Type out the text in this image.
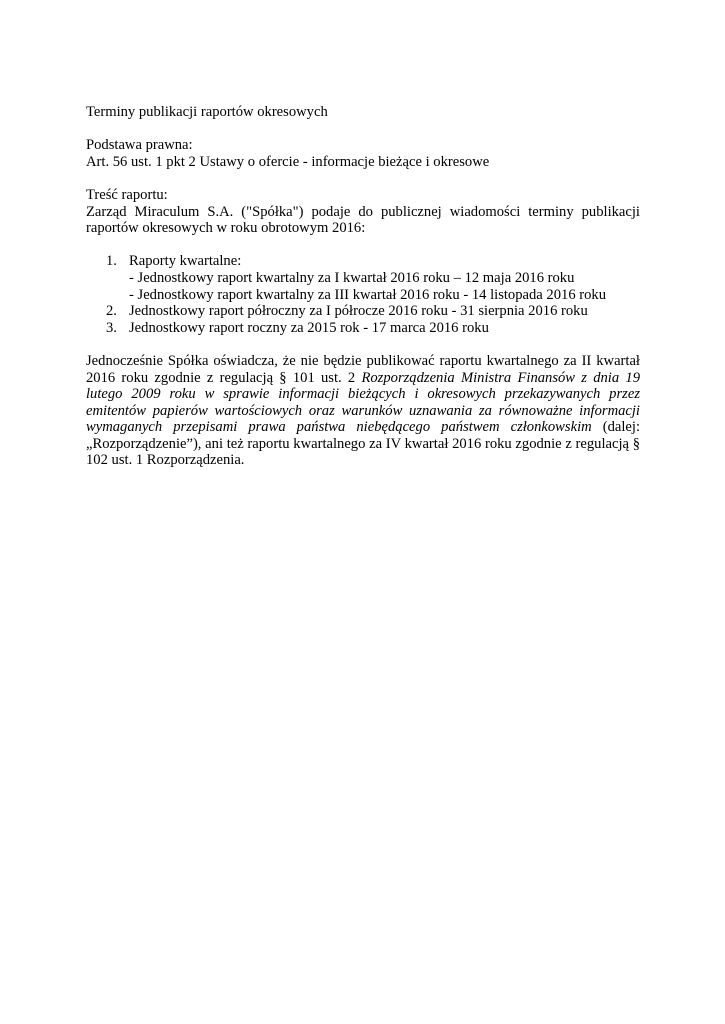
Terminy publikacji raportów okresowych
Podstawa prawna:
Art. 56 ust. 1 pkt 2 Ustawy o ofercie - informacje bieżące i okresowe
Treść raportu:
Zarząd Miraculum S.A. ("Spółka") podaje do publicznej wiadomości terminy publikacji raportów okresowych w roku obrotowym 2016:
1. Raporty kwartalne:
- Jednostkowy raport kwartalny za I kwartał 2016 roku – 12 maja 2016 roku
- Jednostkowy raport kwartalny za III kwartał 2016 roku - 14 listopada 2016 roku
2. Jednostkowy raport półroczny za I półrocze 2016 roku - 31 sierpnia 2016 roku
3. Jednostkowy raport roczny za 2015 rok - 17 marca 2016 roku
Jednocześnie Spółka oświadcza, że nie będzie publikować raportu kwartalnego za II kwartał 2016 roku zgodnie z regulacją § 101 ust. 2 Rozporządzenia Ministra Finansów z dnia 19 lutego 2009 roku w sprawie informacji bieżących i okresowych przekazywanych przez emitentów papierów wartościowych oraz warunków uznawania za równoważne informacji wymaganych przepisami prawa państwa niebędącego państwem członkowskim (dalej: „Rozporządzenie”), ani też raportu kwartalnego za IV kwartał 2016 roku zgodnie z regulacją § 102 ust. 1 Rozporządzenia.
